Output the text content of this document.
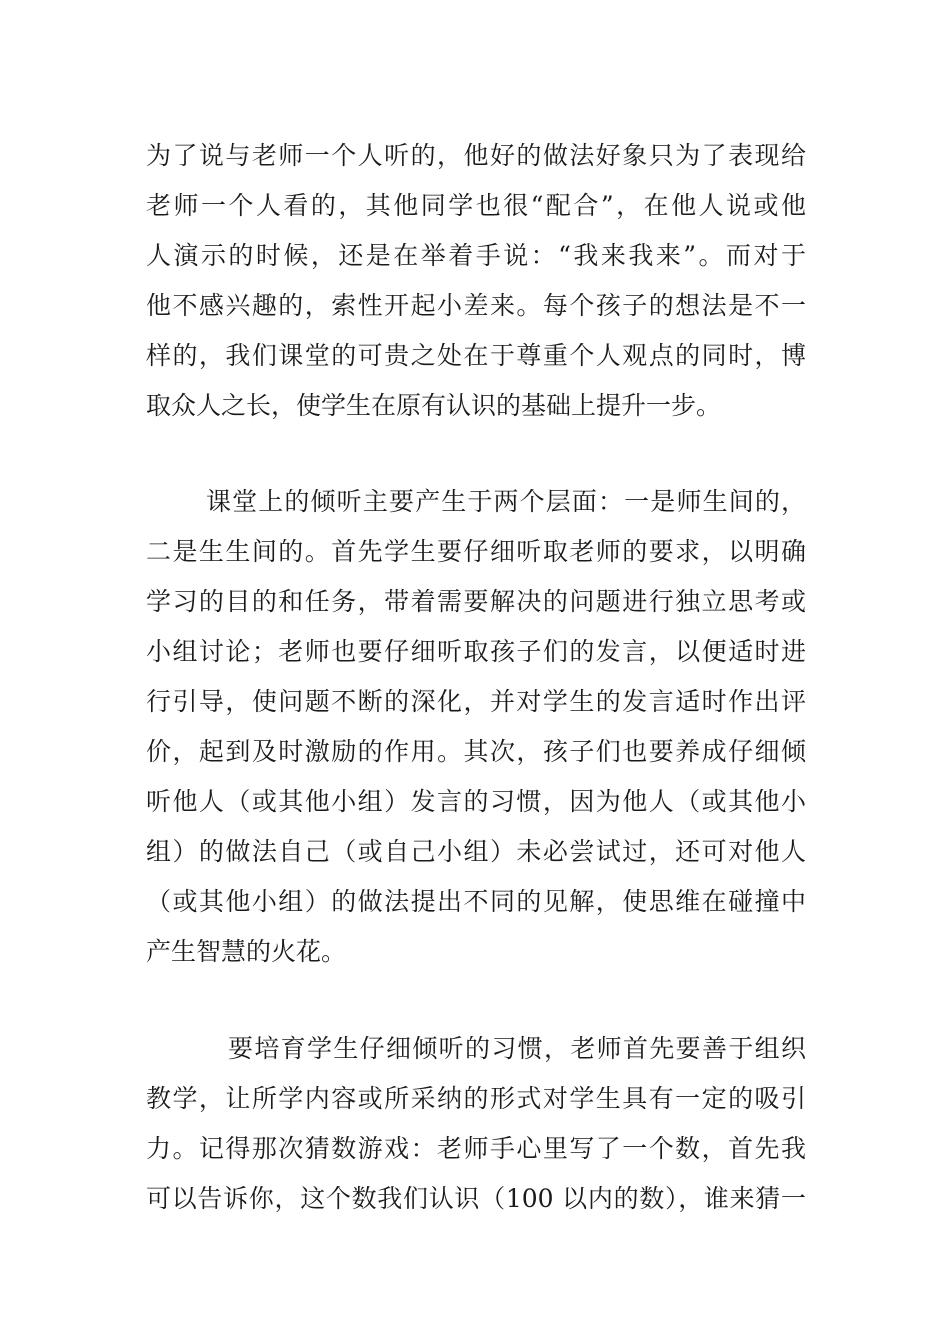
为了说与老师一个人听的，他好的做法好象只为了表现给
老师一个人看的，其他同学也很“配合”，在他人说或他
人演示的时候，还是在举着手说：“我来我来”。而对于
他不感兴趣的，索性开起小差来。每个孩子的想法是不一
样的，我们课堂的可贵之处在于尊重个人观点的同时，博
取众人之长，使学生在原有认识的基础上提升一步。
课堂上的倾听主要产生于两个层面：一是师生间的，
二是生生间的。首先学生要仔细听取老师的要求，以明确
学习的目的和任务，带着需要解决的问题进行独立思考或
小组讨论；老师也要仔细听取孩子们的发言，以便适时进
行引导，使问题不断的深化，并对学生的发言适时作出评
价，起到及时激励的作用。其次，孩子们也要养成仔细倾
听他人（或其他小组）发言的习惯，因为他人（或其他小
组）的做法自己（或自己小组）未必尝试过，还可对他人
（或其他小组）的做法提出不同的见解，使思维在碰撞中
产生智慧的火花。
要培育学生仔细倾听的习惯，老师首先要善于组织
教学，让所学内容或所采纳的形式对学生具有一定的吸引
力。记得那次猜数游戏：老师手心里写了一个数，首先我
可以告诉你，这个数我们认识（100 以内的数），谁来猜一
